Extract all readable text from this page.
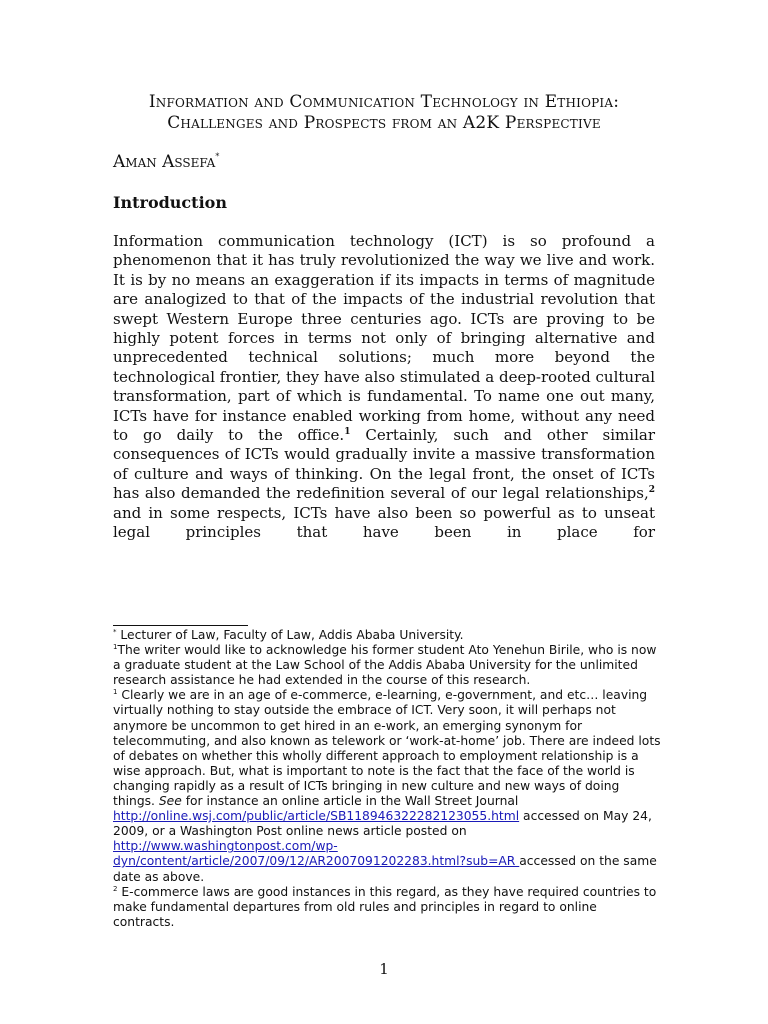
Information and Communication Technology in Ethiopia:
Challenges and Prospects from an A2K Perspective
Aman Assefa*
Introduction
Information communication technology (ICT) is so profound a phenomenon that it has truly revolutionized the way we live and work. It is by no means an exaggeration if its impacts in terms of magnitude are analogized to that of the impacts of the industrial revolution that swept Western Europe three centuries ago. ICTs are proving to be highly potent forces in terms not only of bringing alternative and unprecedented technical solutions; much more beyond the technological frontier, they have also stimulated a deep-rooted cultural transformation, part of which is fundamental. To name one out many, ICTs have for instance enabled working from home, without any need to go daily to the office.$^1$ Certainly, such and other similar consequences of ICTs would gradually invite a massive transformation of culture and ways of thinking. On the legal front, the onset of ICTs has also demanded the redefinition several of our legal relationships,$^2$ and in some respects, ICTs have also been so powerful as to unseat legal principles that have been in place for

* Lecturer of Law, Faculty of Law, Addis Ababa University.

$^1$The writer would like to acknowledge his former student Ato Yenehun Birile, who is now a graduate student at the Law School of the Addis Ababa University for the unlimited research assistance he had extended in the course of this research.

$^1$ Clearly we are in an age of e-commerce, e-learning, e-government, and etc… leaving virtually nothing to stay outside the embrace of ICT. Very soon, it will perhaps not anymore be uncommon to get hired in an e-work, an emerging synonym for telecommuting, and also known as telework or ‘work-at-home’ job. There are indeed lots of debates on whether this wholly different approach to employment relationship is a wise approach. But, what is important to note is the fact that the face of the world is changing rapidly as a result of ICTs bringing in new culture and new ways of doing things. See for instance an online article in the Wall Street Journal http://online.wsj.com/public/article/SB118946322282123055.html accessed on May 24, 2009, or a Washington Post online news article posted on http://www.washingtonpost.com/wp-dyn/content/article/2007/09/12/AR2007091202283.html?sub=AR accessed on the same date as above.

$^2$ E-commerce laws are good instances in this regard, as they have required countries to make fundamental departures from old rules and principles in regard to online contracts.

1
